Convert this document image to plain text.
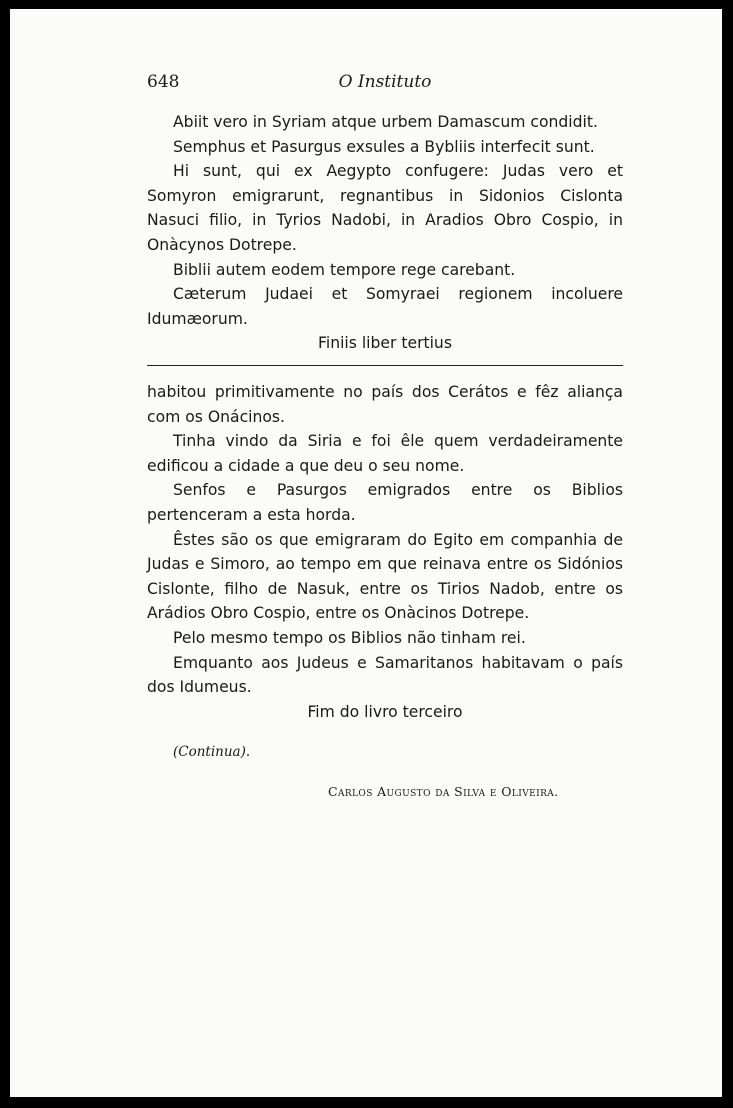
648	O Instituto

Abiit vero in Syriam atque urbem Damascum condidit.

Semphus et Pasurgus exsules a Bybliis interfecit sunt.

Hi sunt, qui ex Aegypto confugere: Judas vero et Somyron emigrarunt, regnantibus in Sidonios Cislonta Nasuci filio, in Tyrios Nadobi, in Aradios Obro Cospio, in Onàcynos Dotrepe.

Biblii autem eodem tempore rege carebant.

Cæterum Judaei et Somyraei regionem incoluere Idumæorum.

Finiis liber tertius

habitou primitivamente no país dos Cerátos e fêz aliança com os Onácinos.

Tinha vindo da Siria e foi êle quem verdadeiramente edificou a cidade a que deu o seu nome.

Senfos e Pasurgos emigrados entre os Biblios pertenceram a esta horda.

Êstes são os que emigraram do Egito em companhia de Judas e Simoro, ao tempo em que reinava entre os Sidónios Cislonte, filho de Nasuk, entre os Tirios Nadob, entre os Arádios Obro Cospio, entre os Onàcinos Dotrepe.

Pelo mesmo tempo os Biblios não tinham rei.

Emquanto aos Judeus e Samaritanos habitavam o país dos Idumeus.

Fim do livro terceiro

(Continua).
Carlos Augusto da Silva e Oliveira.
